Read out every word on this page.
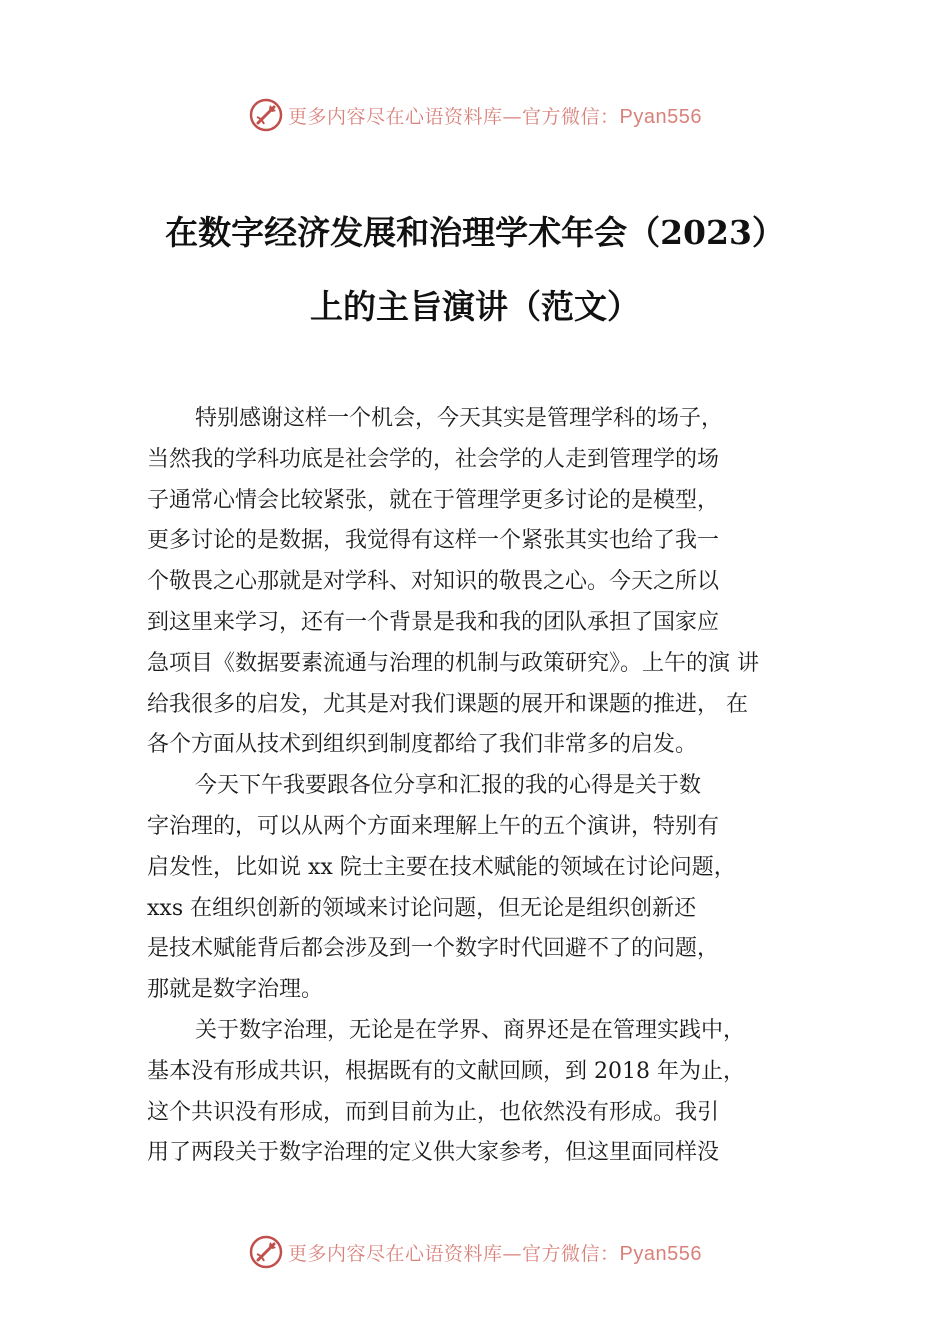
更多内容尽在心语资料库—官方微信：Pyan556
在数字经济发展和治理学术年会（2023）
上的主旨演讲（范文）
特别感谢这样一个机会，今天其实是管理学科的场子，
当然我的学科功底是社会学的，社会学的人走到管理学的场
子通常心情会比较紧张，就在于管理学更多讨论的是模型，
更多讨论的是数据，我觉得有这样一个紧张其实也给了我一
个敬畏之心那就是对学科、对知识的敬畏之心。今天之所以
到这里来学习，还有一个背景是我和我的团队承担了国家应
急项目《数据要素流通与治理的机制与政策研究》。上午的演 讲
给我很多的启发，尤其是对我们课题的展开和课题的推进， 在
各个方面从技术到组织到制度都给了我们非常多的启发。
今天下午我要跟各位分享和汇报的我的心得是关于数
字治理的，可以从两个方面来理解上午的五个演讲，特别有
启发性，比如说 xx 院士主要在技术赋能的领域在讨论问题，
xxs 在组织创新的领域来讨论问题，但无论是组织创新还
是技术赋能背后都会涉及到一个数字时代回避不了的问题，
那就是数字治理。
关于数字治理，无论是在学界、商界还是在管理实践中，
基本没有形成共识，根据既有的文献回顾，到 2018 年为止，
这个共识没有形成，而到目前为止，也依然没有形成。我引
用了两段关于数字治理的定义供大家参考，但这里面同样没
更多内容尽在心语资料库—官方微信：Pyan556
